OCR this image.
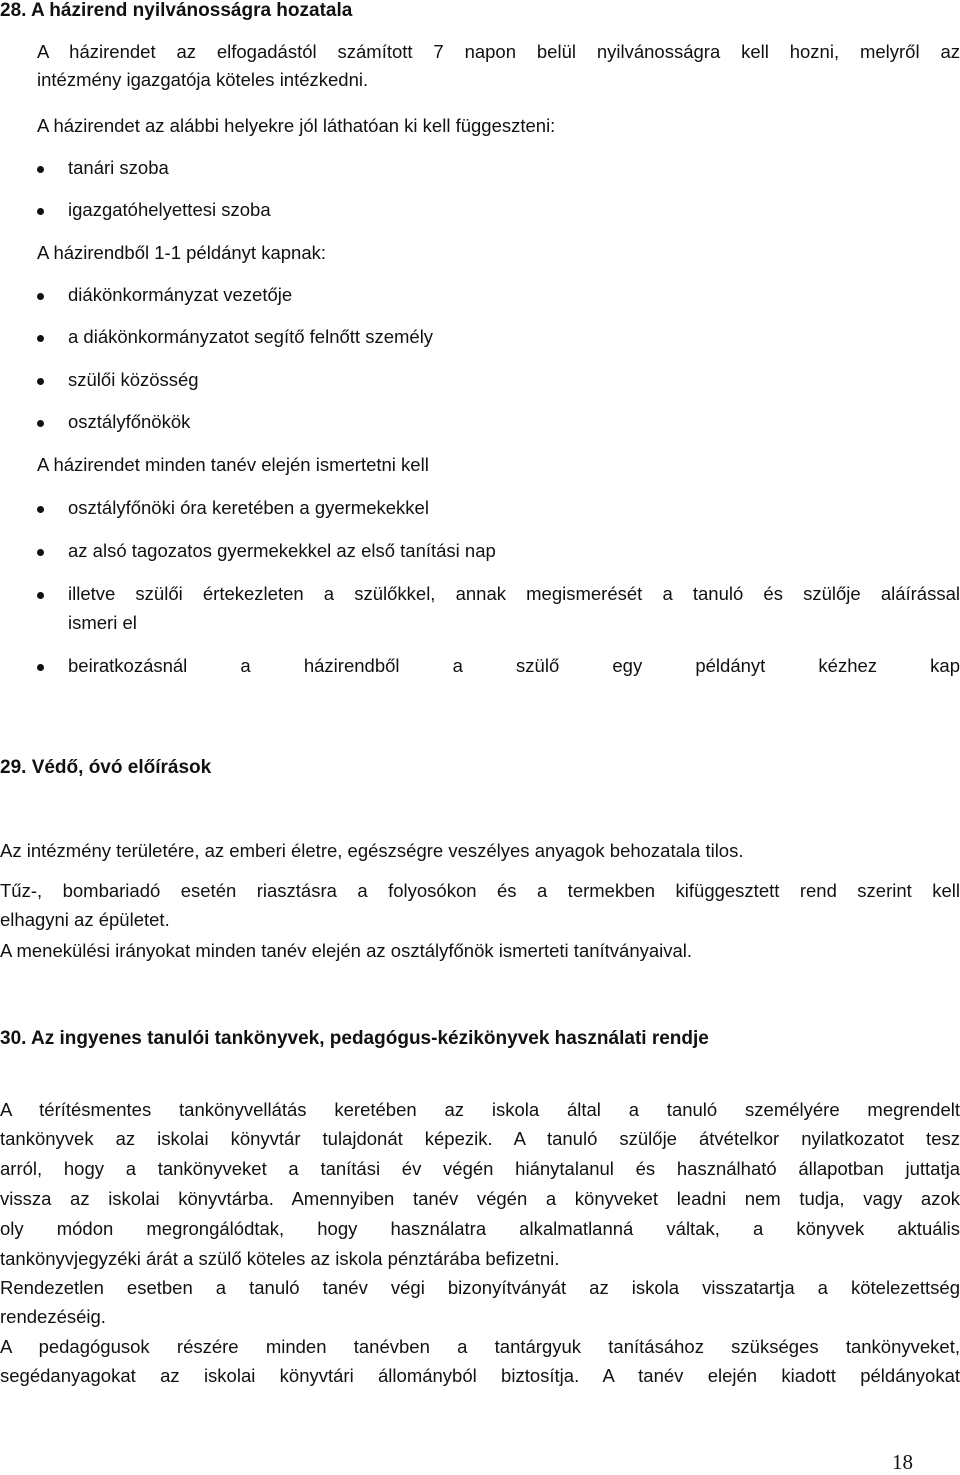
28. A házirend nyilvánosságra hozatala
A házirendet az elfogadástól számított 7 napon belül nyilvánosságra kell hozni, melyről az
intézmény igazgatója köteles intézkedni.
A házirendet az alábbi helyekre jól láthatóan ki kell függeszteni:
tanári szoba
igazgatóhelyettesi szoba
A házirendből 1-1 példányt kapnak:
diákönkormányzat vezetője
a diákönkormányzatot segítő felnőtt személy
szülői közösség
osztályfőnökök
A házirendet minden tanév elején ismertetni kell
osztályfőnöki óra keretében a gyermekekkel
az alsó tagozatos gyermekekkel az első tanítási nap
illetve szülői értekezleten a szülőkkel, annak megismerését a tanuló és szülője aláírással
ismeri el
beiratkozásnál a házirendből a szülő egy példányt kézhez kap
29. Védő, óvó előírások
Az intézmény területére, az emberi életre, egészségre veszélyes anyagok behozatala tilos.
Tűz-, bombariadó esetén riasztásra a folyosókon és a termekben kifüggesztett rend szerint kell
elhagyni az épületet.
A menekülési irányokat minden tanév elején az osztályfőnök ismerteti tanítványaival.
30. Az ingyenes tanulói tankönyvek, pedagógus-kézikönyvek használati rendje
A térítésmentes tankönyvellátás keretében az iskola által a tanuló személyére megrendelt
tankönyvek az iskolai könyvtár tulajdonát képezik. A tanuló szülője átvételkor nyilatkozatot tesz
arról, hogy a tankönyveket a tanítási év végén hiánytalanul és használható állapotban juttatja
vissza az iskolai könyvtárba. Amennyiben tanév végén a könyveket leadni nem tudja, vagy azok
oly módon megrongálódtak, hogy használatra alkalmatlanná váltak, a könyvek aktuális
tankönyvjegyzéki árát a szülő köteles az iskola pénztárába befizetni.
Rendezetlen esetben a tanuló tanév végi bizonyítványát az iskola visszatartja a kötelezettség
rendezéséig.
A pedagógusok részére minden tanévben a tantárgyuk tanításához szükséges tankönyveket,
segédanyagokat az iskolai könyvtári állományból biztosítja. A tanév elején kiadott példányokat
18
